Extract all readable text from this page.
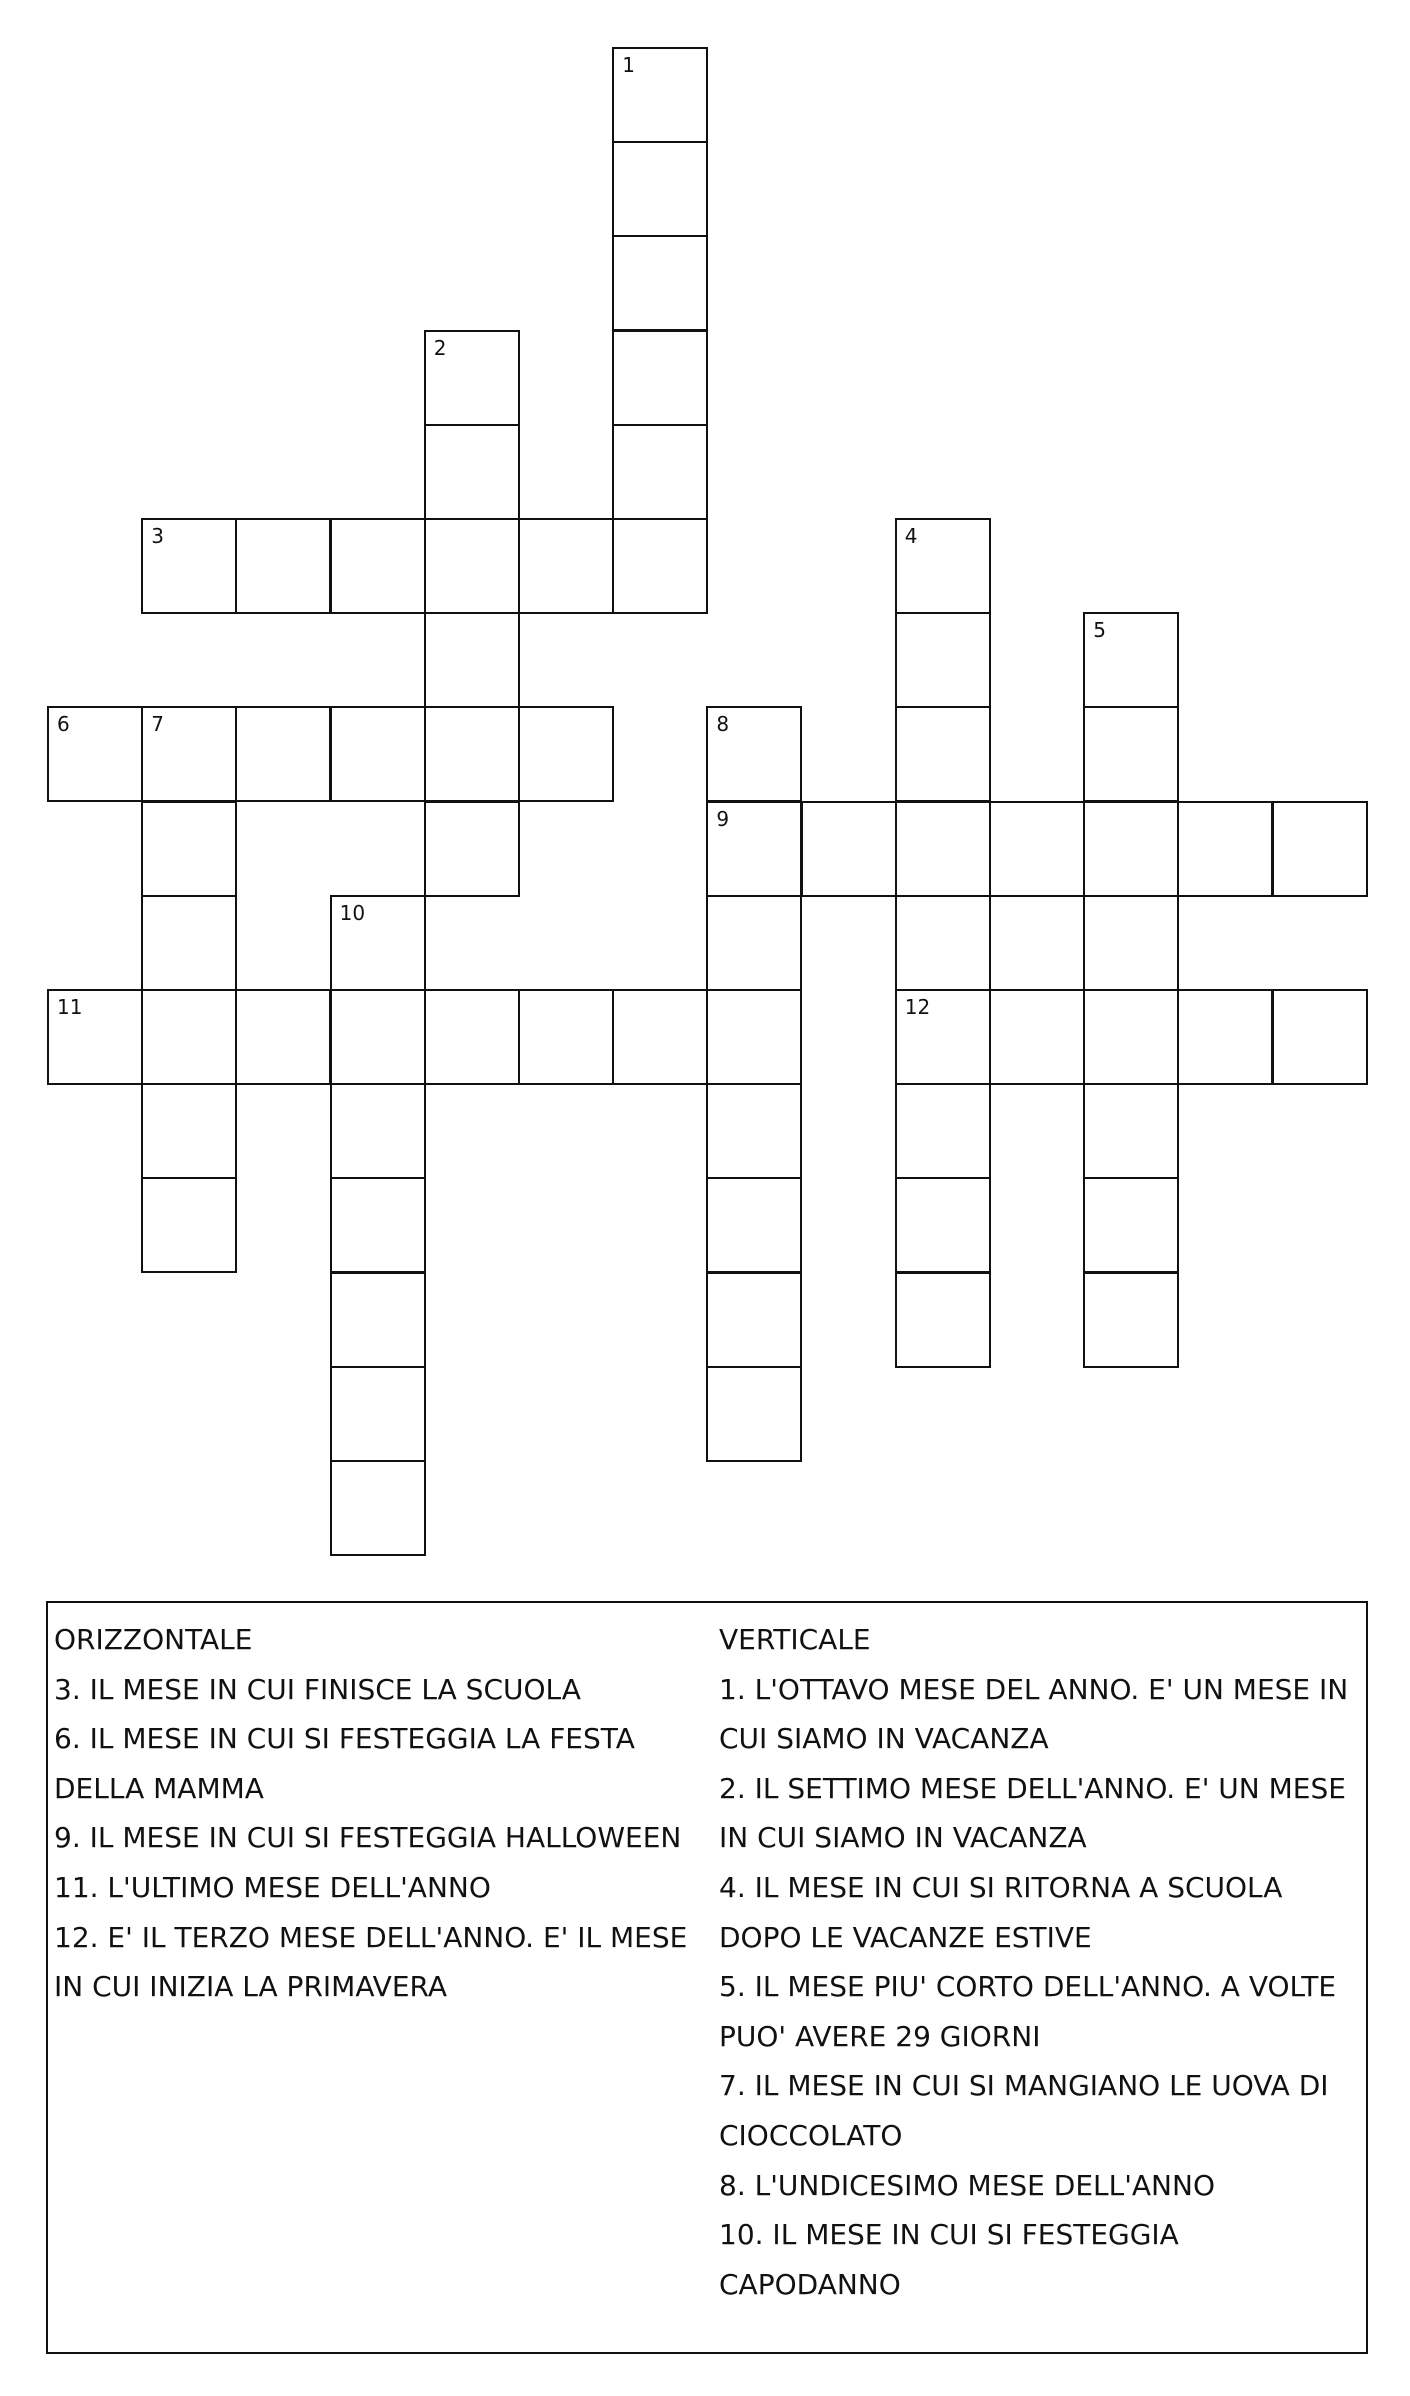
1
2
3	4
5
6	7	8
9
10
11	12
ORIZZONTALE
3. IL MESE IN CUI FINISCE LA SCUOLA
6. IL MESE IN CUI SI FESTEGGIA LA FESTA
DELLA MAMMA
9. IL MESE IN CUI SI FESTEGGIA HALLOWEEN
11. L'ULTIMO MESE DELL'ANNO
12. E' IL TERZO MESE DELL'ANNO. E' IL MESE
IN CUI INIZIA LA PRIMAVERA
VERTICALE
1. L'OTTAVO MESE DEL ANNO. E' UN MESE IN
CUI SIAMO IN VACANZA
2. IL SETTIMO MESE DELL'ANNO. E' UN MESE
IN CUI SIAMO IN VACANZA
4. IL MESE IN CUI SI RITORNA A SCUOLA
DOPO LE VACANZE ESTIVE
5. IL MESE PIU' CORTO DELL'ANNO. A VOLTE
PUO' AVERE 29 GIORNI
7. IL MESE IN CUI SI MANGIANO LE UOVA DI
CIOCCOLATO
8. L'UNDICESIMO MESE DELL'ANNO
10. IL MESE IN CUI SI FESTEGGIA
CAPODANNO
